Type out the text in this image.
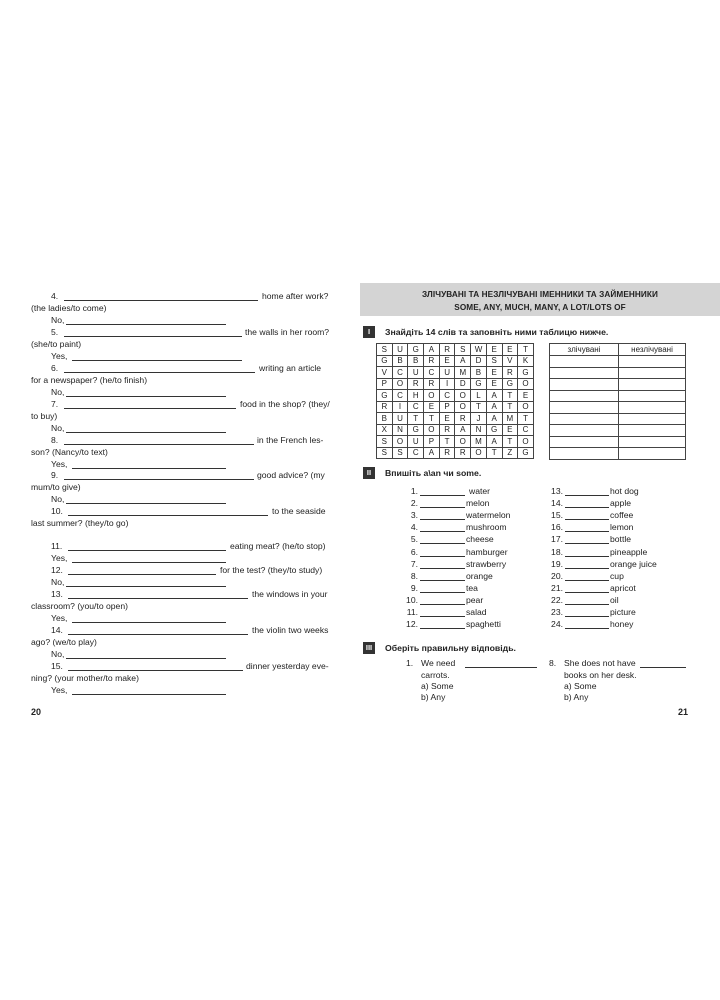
4.	home after work?
(the ladies/to come)
No,
5.	the walls in her room?
(she/to paint)
Yes,
6.	writing an article
for a newspaper? (he/to finish)
No,
7.	food in the shop? (they/
to buy)
No,
8.	in the French les-
son? (Nancy/to text)
Yes,
9.	good advice? (my
mum/to give)
No,
10.	to the seaside
last summer? (they/to go)
11.	eating meat? (he/to stop)
Yes,
12.	for the test? (they/to study)
No,
13.	the windows in your
classroom? (you/to open)
Yes,
14.	the violin two weeks
ago? (we/to play)
No,
15.	dinner yesterday eve-
ning? (your mother/to make)
Yes,
20
ЗЛІЧУВАНІ ТА НЕЗЛІЧУВАНІ ІМЕННИКИ ТА ЗАЙМЕННИКИ
SOME, ANY, MUCH, MANY, A LOT/LOTS OF
I	Знайдіть 14 слів та заповніть ними таблицю нижче.
S	U	G	A	R	S	W	E	E	T
G	B	B	R	E	A	D	S	V	K
V	C	U	C	U	M	B	E	R	G
P	O	R	R	I	D	G	E	G	O
G	C	H	O	C	O	L	A	T	E
R	I	C	E	P	O	T	A	T	O
B	U	T	T	E	R	J	A	M	T
X	N	G	O	R	A	N	G	E	C
S	O	U	P	T	O	M	A	T	O
S	S	C	A	R	R	O	T	Z	G
злічувані	незлічувані

II	Впишіть a\an чи some.
1.	water
2.	melon
3.	watermelon
4.	mushroom
5.	cheese
6.	hamburger
7.	strawberry
8.	orange
9.	tea
10.	pear
11.	salad
12.	spaghetti
13.	hot dog
14.	apple
15.	coffee
16.	lemon
17.	bottle
18.	pineapple
19.	orange juice
20.	cup
21.	apricot
22.	oil
23.	picture
24.	honey
III	Оберіть правильну відповідь.
1. We need
carrots.
a) Some
b) Any
8. She does not have
books on her desk.
a) Some
b) Any
21
